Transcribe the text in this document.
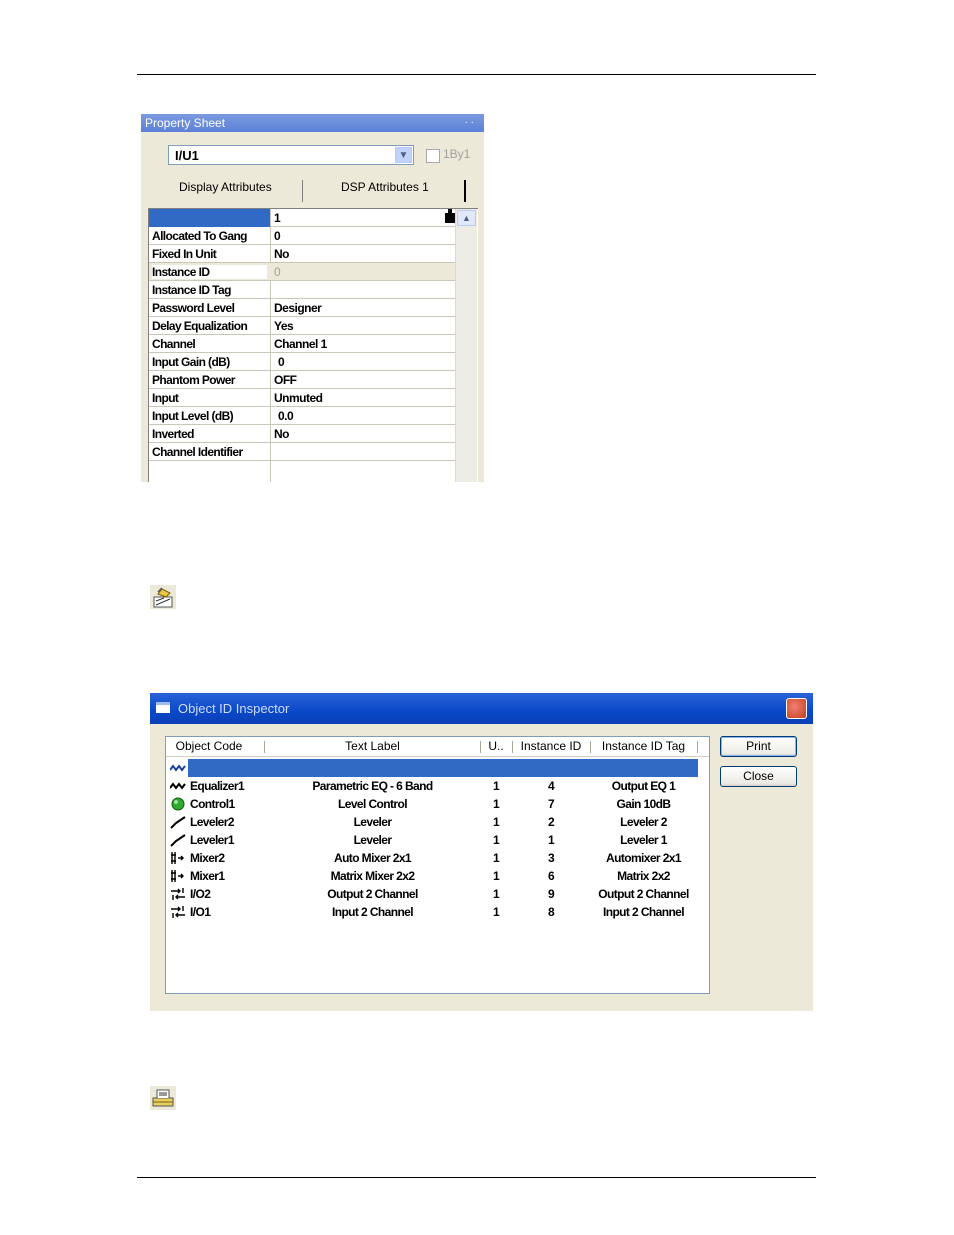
Property Sheet	· ·
I/U1	▼	1By1
Display Attributes	DSP Attributes 1
1
Allocated To Gang	0
Fixed In Unit	No
Instance ID	0
Instance ID Tag
Password Level	Designer
Delay Equalization	Yes
Channel	Channel 1
Input Gain (dB)	0
Phantom Power	OFF
Input	Unmuted
Input Level (dB)	0.0
Inverted	No
Channel Identifier
▲
Object ID Inspector
Object Code	Text Label	U..	Instance ID	Instance ID Tag
Equalizer1	Parametric EQ - 6 Band	1	4	Output EQ 1
Control1	Level Control	1	7	Gain 10dB
Leveler2	Leveler	1	2	Leveler 2
Leveler1	Leveler	1	1	Leveler 1
Mixer2	Auto Mixer 2x1	1	3	Automixer 2x1
Mixer1	Matrix Mixer 2x2	1	6	Matrix 2x2
I/O2	Output 2 Channel	1	9	Output 2 Channel
I/O1	Input 2 Channel	1	8	Input 2 Channel
Print
Close
